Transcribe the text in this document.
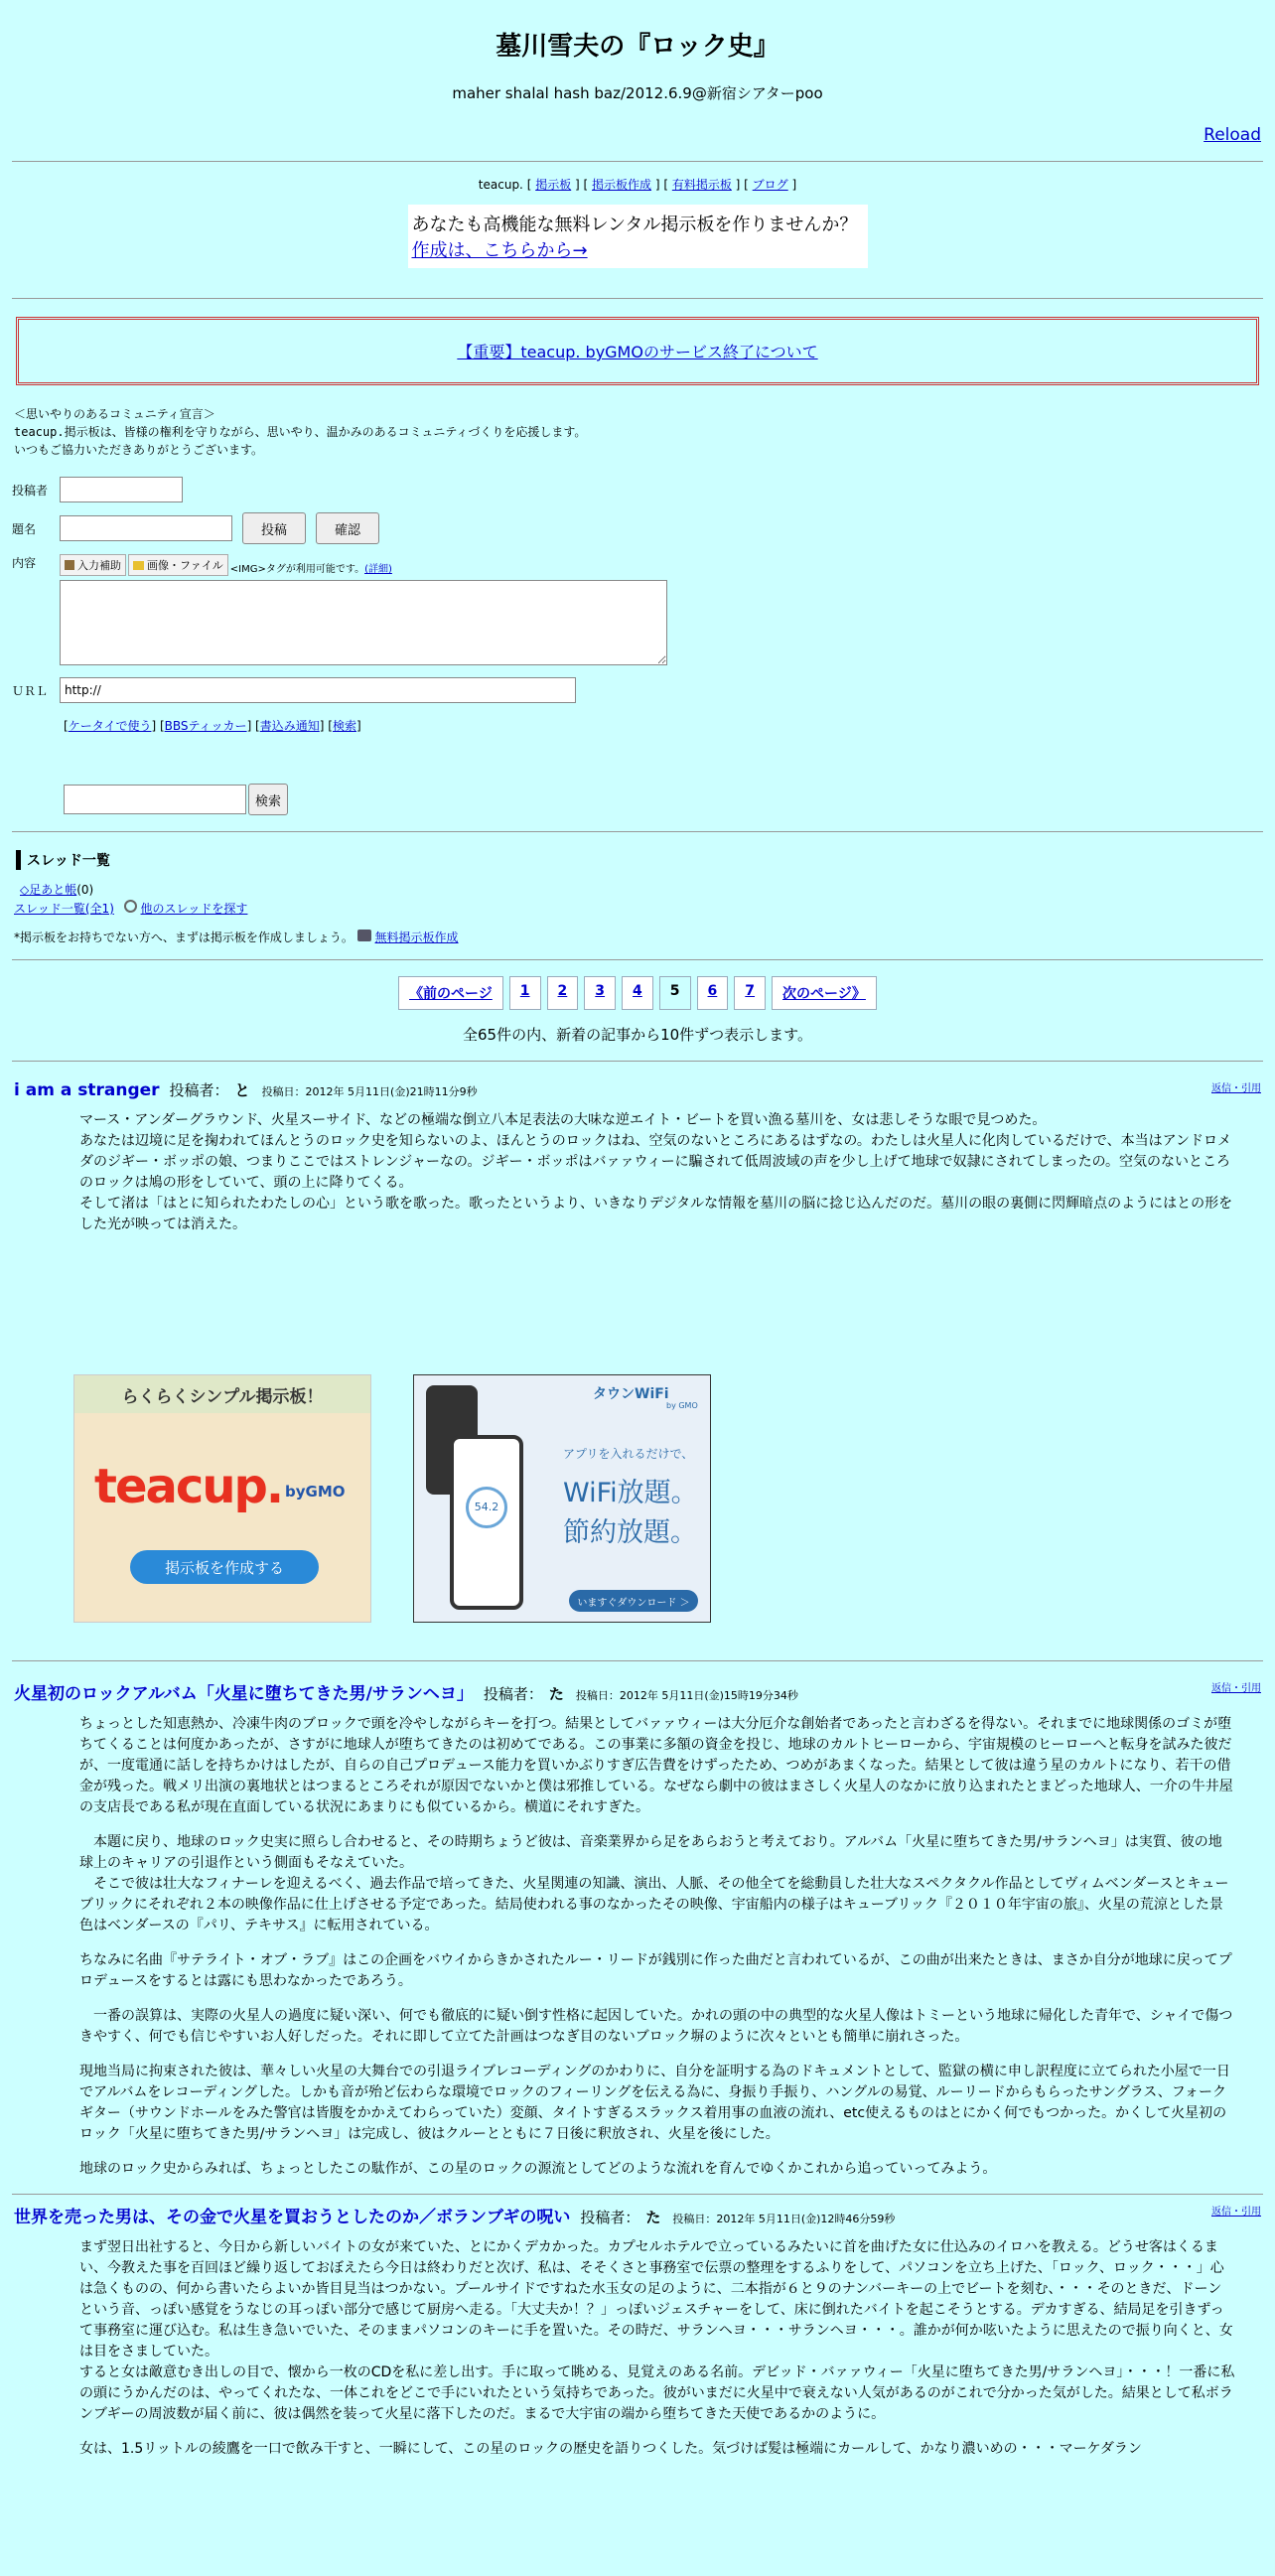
墓川雪夫の『ロック史』
maher shalal hash baz/2012.6.9@新宿シアターpoo
Reload
teacup. [ 掲示板 ] [ 掲示板作成 ] [ 有料掲示板 ] [ ブログ ]
あなたも高機能な無料レンタル掲示板を作りませんか？
作成は、こちらから→
【重要】teacup. byGMOのサービス終了について
＜思いやりのあるコミュニティ宣言＞
teacup.掲示板は、皆様の権利を守りながら、思いやり、温かみのあるコミュニティづくりを応援します。
いつもご協力いただきありがとうございます。
投稿者
題名	投稿	確認
内容	入力補助 画像・ファイル <IMG>タグが利用可能です。 (詳細)
ＵＲＬ
http://
[ケータイで使う] [BBSティッカー] [書込み通知] [検索]
検索
スレッド一覧
◇足あと帳(0)
スレッド一覧(全1) 他のスレッドを探す
*掲示板をお持ちでない方へ、まずは掲示板を作成しましょう。 無料掲示板作成
《前のページ	1	2	3	4	5	6	7	次のページ》
全65件の内、新着の記事から10件ずつ表示します。
i am a stranger 投稿者： と 投稿日：2012年 5月11日(金)21時11分9秒	返信・引用

マース・アンダーグラウンド、火星スーサイド、などの極端な倒立八本足表法の大味な逆エイト・ビートを買い漁る墓川を、女は悲しそうな眼で見つめた。
あなたは辺境に足を掬われてほんとうのロック史を知らないのよ、ほんとうのロックはね、空気のないところにあるはずなの。わたしは火星人に化肉しているだけで、本当はアンドロメダのジギー・ボッポの娘、つまりここではストレンジャーなの。ジギー・ボッポはバァァウィーに騙されて低周波域の声を少し上げて地球で奴隷にされてしまったの。空気のないところのロックは鳩の形をしていて、頭の上に降りてくる。
そして渚は「はとに知られたわたしの心」という歌を歌った。歌ったというより、いきなりデジタルな情報を墓川の脳に捻じ込んだのだ。墓川の眼の裏側に閃輝暗点のようにはとの形をした光が映っては消えた。

らくらくシンプル掲示板！
teacup. byGMO
掲示板を作成する
54.2
タウンWiFi
by GMO
アプリを入れるだけで、
WiFi放題。
節約放題。
いますぐダウンロード ＞
火星初のロックアルバム「火星に堕ちてきた男/サランヘヨ」 投稿者： た 投稿日：2012年 5月11日(金)15時19分34秒
返信・引用

ちょっとした知恵熱か、冷凍牛肉のブロックで頭を冷やしながらキーを打つ。結果としてバァァウィーは大分厄介な創始者であったと言わざるを得ない。それまでに地球関係のゴミが堕ちてくることは何度かあったが、さすがに地球人が堕ちてきたのは初めてである。この事業に多額の資金を投じ、地球のカルトヒーローから、宇宙規模のヒーローへと転身を試みた彼だが、一度電通に話しを持ちかけはしたが、自らの自己プロデュース能力を買いかぶりすぎ広告費をけずったため、つめがあまくなった。結果として彼は違う星のカルトになり、若干の借金が残った。戦メリ出演の裏地状とはつまるところそれが原因でないかと僕は邪推している。なぜなら劇中の彼はまさしく火星人のなかに放り込まれたとまどった地球人、一介の牛井屋の支店長である私が現在直面している状況にあまりにも似ているから。横道にそれすぎた。

　本題に戻り、地球のロック史実に照らし合わせると、その時期ちょうど彼は、音楽業界から足をあらおうと考えており。アルバム「火星に堕ちてきた男/サランヘヨ」は実質、彼の地球上のキャリアの引退作という側面もそなえていた。
　そこで彼は壮大なフィナーレを迎えるべく、過去作品で培ってきた、火星関連の知識、演出、人脈、その他全てを総動員した壮大なスペクタクル作品としてヴィムベンダースとキューブリックにそれぞれ２本の映像作品に仕上げさせる予定であった。結局使われる事のなかったその映像、宇宙船内の様子はキューブリック『２０１０年宇宙の旅』、火星の荒涼とした景色はベンダースの『パリ、テキサス』に転用されている。

ちなみに名曲『サテライト・オブ・ラブ』はこの企画をバウイからきかされたルー・リードが銭別に作った曲だと言われているが、この曲が出来たときは、まさか自分が地球に戻ってプロデュースをするとは露にも思わなかったであろう。

　一番の誤算は、実際の火星人の過度に疑い深い、何でも徹底的に疑い倒す性格に起因していた。かれの頭の中の典型的な火星人像はトミーという地球に帰化した青年で、シャイで傷つきやすく、何でも信じやすいお人好しだった。それに即して立てた計画はつなぎ目のないブロック塀のように次々といとも簡単に崩れさった。

現地当局に拘束された彼は、華々しい火星の大舞台での引退ライブレコーディングのかわりに、自分を証明する為のドキュメントとして、監獄の横に申し訳程度に立てられた小屋で一日でアルバムをレコーディングした。しかも音が殆ど伝わらな環境でロックのフィーリングを伝える為に、身振り手振り、ハングルの易覚、ルーリードからもらったサングラス、フォークギター（サウンドホールをみた警官は皆腹をかかえてわらっていた）変顔、タイトすぎるスラックス着用事の血液の流れ、etc使えるものはとにかく何でもつかった。かくして火星初のロック「火星に堕ちてきた男/サランヘヨ」は完成し、彼はクルーとともに７日後に釈放され、火星を後にした。

地球のロック史からみれば、ちょっとしたこの駄作が、この星のロックの源流としてどのような流れを育んでゆくかこれから追っていってみよう。

世界を売った男は、その金で火星を買おうとしたのか／ボランブギの呪い 投稿者： た 投稿日：2012年 5月11日(金)12時46分59秒
返信・引用

まず翌日出社すると、今日から新しいバイトの女が来ていた、とにかくデカかった。カプセルホテルで立っているみたいに首を曲げた女に仕込みのイロハを教える。どうせ客はくるまい、今教えた事を百回ほど繰り返しておぼえたら今日は終わりだと次げ、私は、そそくさと事務室で伝票の整理をするふりをして、パソコンを立ち上げた、「ロック、ロック・・・」心は急くものの、何から書いたらよいか皆目見当はつかない。プールサイドですねた水玉女の足のように、二本指が６と９のナンバーキーの上でビートを刻む、・・・そのときだ、ドーンという音、っぽい感覚をうなじの耳っぽい部分で感じて厨房へ走る。「大丈夫か！？」っぽいジェスチャーをして、床に倒れたバイトを起こそうとする。デカすぎる、結局足を引きずって事務室に運び込む。私は生き急いでいた、そのままパソコンのキーに手を置いた。その時だ、サランヘヨ・・・サランヘヨ・・・。誰かが何か呟いたように思えたので振り向くと、女は目をさましていた。
すると女は敵意むき出しの目で、懐から一枚のCDを私に差し出す。手に取って眺める、見覚えのある名前。デビッド・バァァウィー「火星に堕ちてきた男/サランヘヨ」・・・！一番に私の頭にうかんだのは、やってくれたな、一体これをどこで手にいれたという気持ちであった。彼がいまだに火星中で衰えない人気があるのがこれで分かった気がした。結果として私ボランブギーの周波数が届く前に、彼は偶然を装って火星に落下したのだ。まるで大宇宙の端から堕ちてきた天使であるかのように。

女は、1.5リットルの綾鷹を一口で飲み干すと、一瞬にして、この星のロックの歴史を語りつくした。気づけば髪は極端にカールして、かなり濃いめの・・・マーケダラン
